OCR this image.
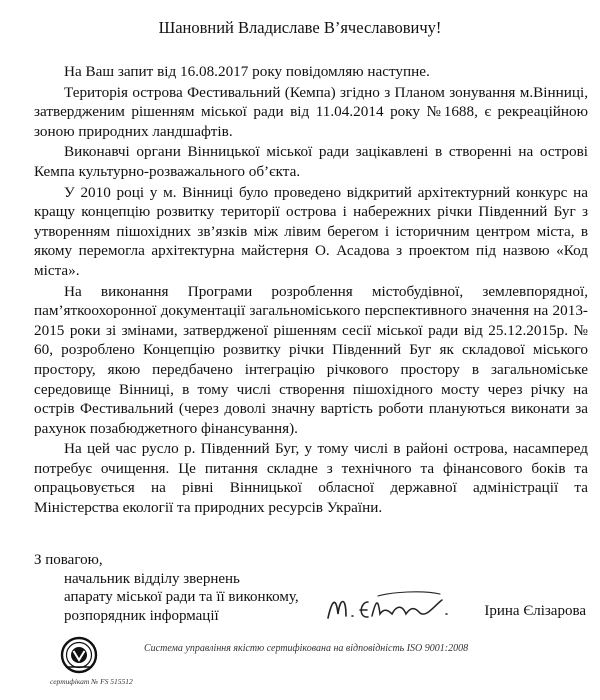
Шановний Владиславе В’ячеславовичу!

На Ваш запит від 16.08.2017 року повідомляю наступне.

Територія острова Фестивальний (Кемпа) згідно з Планом зонування м.Вінниці, затвердженим рішенням міської ради від 11.04.2014 року №1688, є рекреаційною зоною природних ландшафтів.

Виконавчі органи Вінницької міської ради зацікавлені в створенні на острові Кемпа культурно-розважального об’єкта.

У 2010 році у м. Вінниці було проведено відкритий архітектурний конкурс на кращу концепцію розвитку території острова і набережних річки Південний Буг з утворенням пішохідних зв’язків між лівим берегом і історичним центром міста, в якому перемогла архітектурна майстерня О. Асадова з проектом під назвою «Код міста».

На виконання Програми розроблення містобудівної, землевпорядної, пам’яткоохоронної документації загальноміського перспективного значення на 2013-2015 роки зі змінами, затвердженої рішенням сесії міської ради від 25.12.2015р. № 60, розроблено Концепцію розвитку річки Південний Буг як складової міського простору, якою передбачено інтеграцію річкового простору в загальноміське середовище Вінниці, в тому числі створення пішохідного мосту через річку на острів Фестивальний (через доволі значну вартість роботи плануються виконати за рахунок позабюджетного фінансування).

На цей час русло р. Південний Буг, у тому числі в районі острова, насамперед потребує очищення. Це питання складне з технічного та фінансового боків та опрацьовується на рівні Вінницької обласної державної адміністрації та Міністерства екології та природних ресурсів України.

З повагою,
начальник відділу звернень
апарату міської ради та її виконкому,
розпорядник інформації	Ірина Єлізарова
Система управління якістю сертифікована на відповідність ISO 9001:2008
сертифікат № FS 515512
